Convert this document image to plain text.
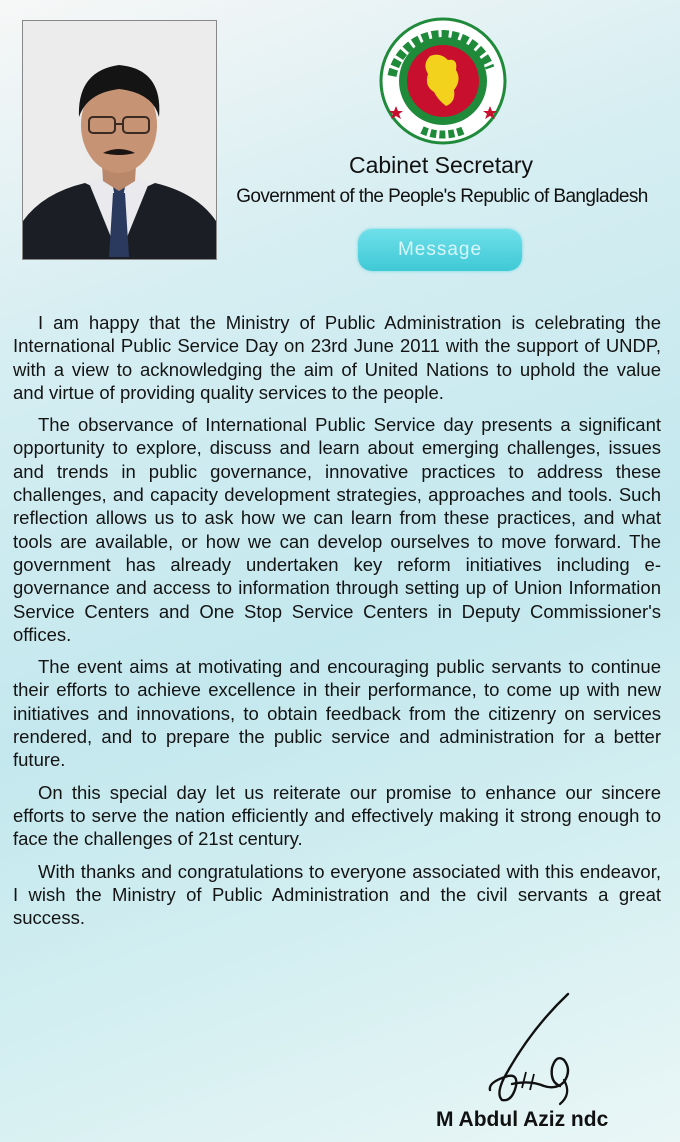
Cabinet Secretary
Government of the People's Republic of Bangladesh
Message

I am happy that the Ministry of Public Administration is celebrating the International Public Service Day on 23rd June 2011 with the support of UNDP, with a view to acknowledging the aim of United Nations to uphold the value and virtue of providing quality services to the people.

The observance of International Public Service day presents a significant opportunity to explore, discuss and learn about emerging challenges, issues and trends in public governance, innovative practices to address these challenges, and capacity development strategies, approaches and tools. Such reflection allows us to ask how we can learn from these practices, and what tools are available, or how we can develop ourselves to move forward. The government has already undertaken key reform initiatives including e-governance and access to information through setting up of Union Information Service Centers and One Stop Service Centers in Deputy Commissioner's offices.

The event aims at motivating and encouraging public servants to continue their efforts to achieve excellence in their performance, to come up with new initiatives and innovations, to obtain feedback from the citizenry on services rendered, and to prepare the public service and administration for a better future.

On this special day let us reiterate our promise to enhance our sincere efforts to serve the nation efficiently and effectively making it strong enough to face the challenges of 21st century.

With thanks and congratulations to everyone associated with this endeavor, I wish the Ministry of Public Administration and the civil servants a great success.

M Abdul Aziz ndc
